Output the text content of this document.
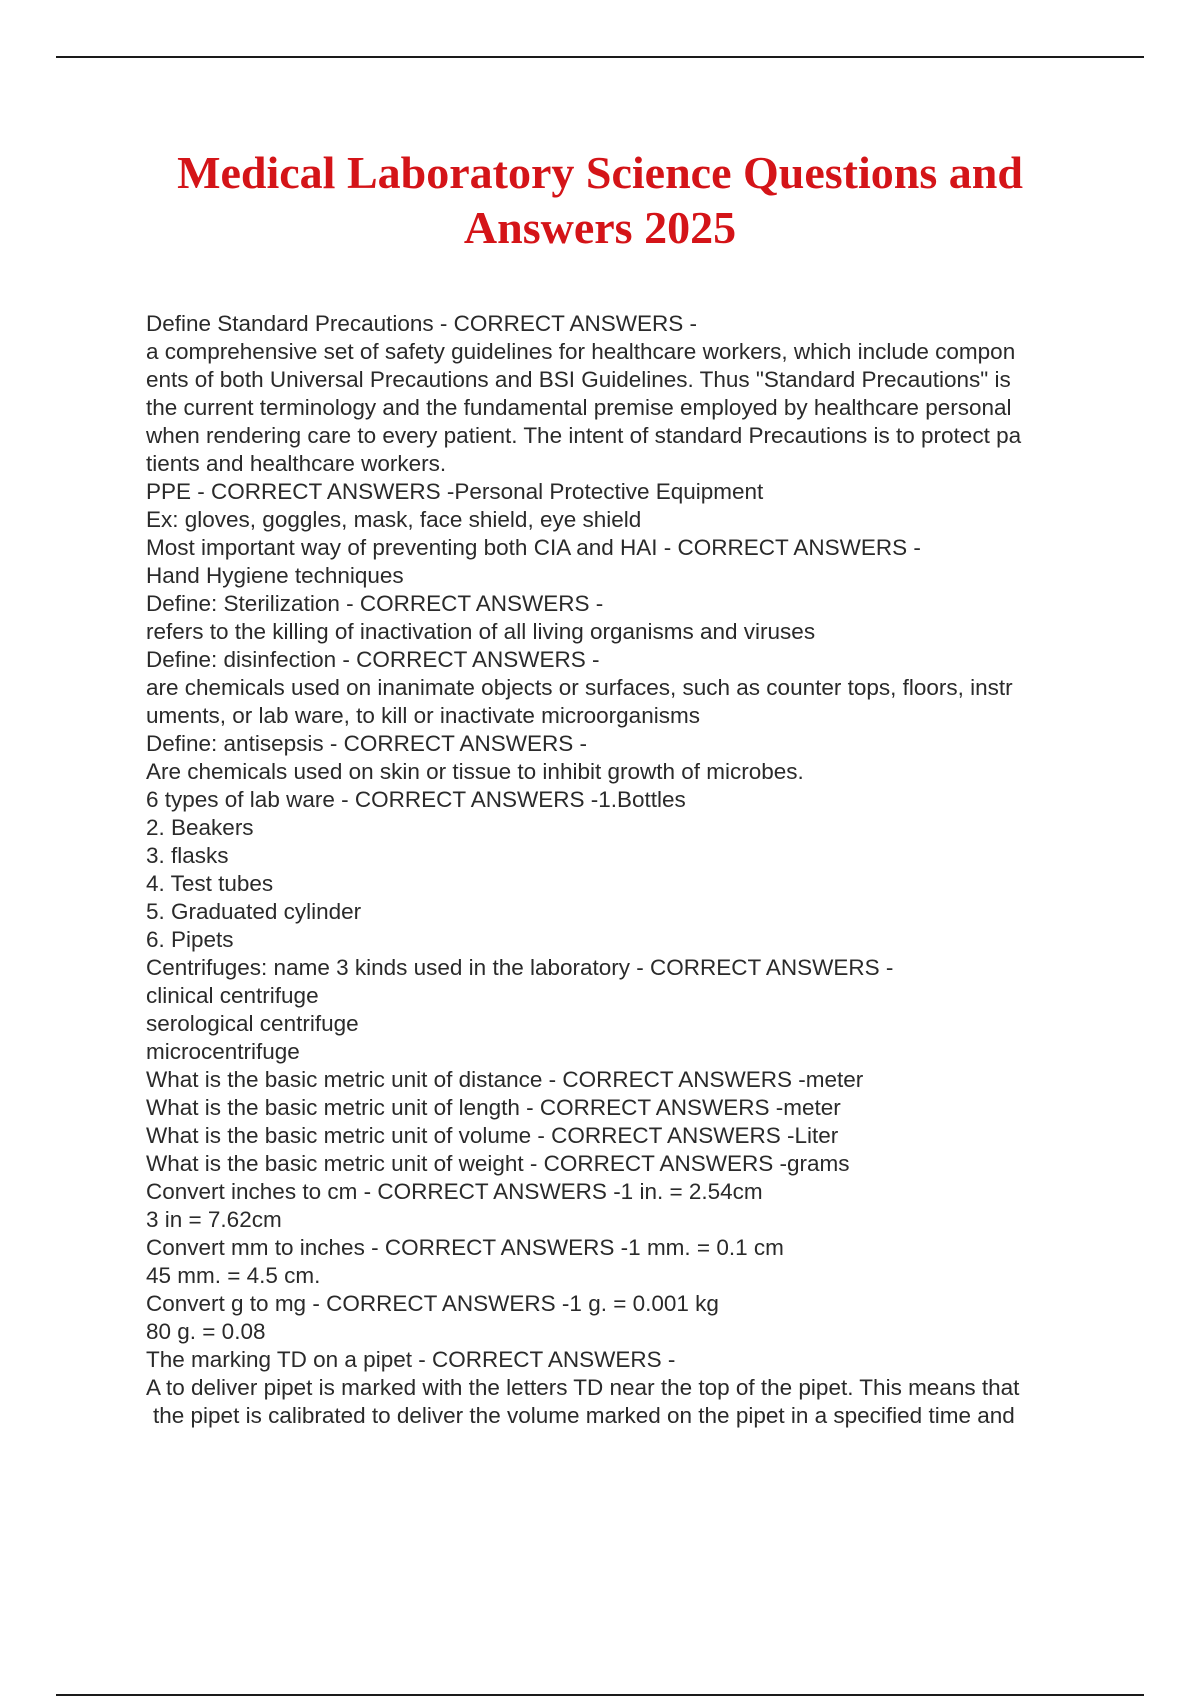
Medical Laboratory Science Questions and
Answers 2025
Define Standard Precautions - CORRECT ANSWERS -
a comprehensive set of safety guidelines for healthcare workers, which include compon
ents of both Universal Precautions and BSI Guidelines. Thus "Standard Precautions" is
the current terminology and the fundamental premise employed by healthcare personal
when rendering care to every patient. The intent of standard Precautions is to protect pa
tients and healthcare workers.
PPE - CORRECT ANSWERS -Personal Protective Equipment
Ex: gloves, goggles, mask, face shield, eye shield
Most important way of preventing both CIA and HAI - CORRECT ANSWERS -
Hand Hygiene techniques
Define: Sterilization - CORRECT ANSWERS -
refers to the killing of inactivation of all living organisms and viruses
Define: disinfection - CORRECT ANSWERS -
are chemicals used on inanimate objects or surfaces, such as counter tops, floors, instr
uments, or lab ware, to kill or inactivate microorganisms
Define: antisepsis - CORRECT ANSWERS -
Are chemicals used on skin or tissue to inhibit growth of microbes.
6 types of lab ware - CORRECT ANSWERS -1.Bottles
2. Beakers
3. flasks
4. Test tubes
5. Graduated cylinder
6. Pipets
Centrifuges: name 3 kinds used in the laboratory - CORRECT ANSWERS -
clinical centrifuge
serological centrifuge
microcentrifuge
What is the basic metric unit of distance - CORRECT ANSWERS -meter
What is the basic metric unit of length - CORRECT ANSWERS -meter
What is the basic metric unit of volume - CORRECT ANSWERS -Liter
What is the basic metric unit of weight - CORRECT ANSWERS -grams
Convert inches to cm - CORRECT ANSWERS -1 in. = 2.54cm
3 in = 7.62cm
Convert mm to inches - CORRECT ANSWERS -1 mm. = 0.1 cm
45 mm. = 4.5 cm.
Convert g to mg - CORRECT ANSWERS -1 g. = 0.001 kg
80 g. = 0.08
The marking TD on a pipet - CORRECT ANSWERS -
A to deliver pipet is marked with the letters TD near the top of the pipet. This means that
the pipet is calibrated to deliver the volume marked on the pipet in a specified time and
